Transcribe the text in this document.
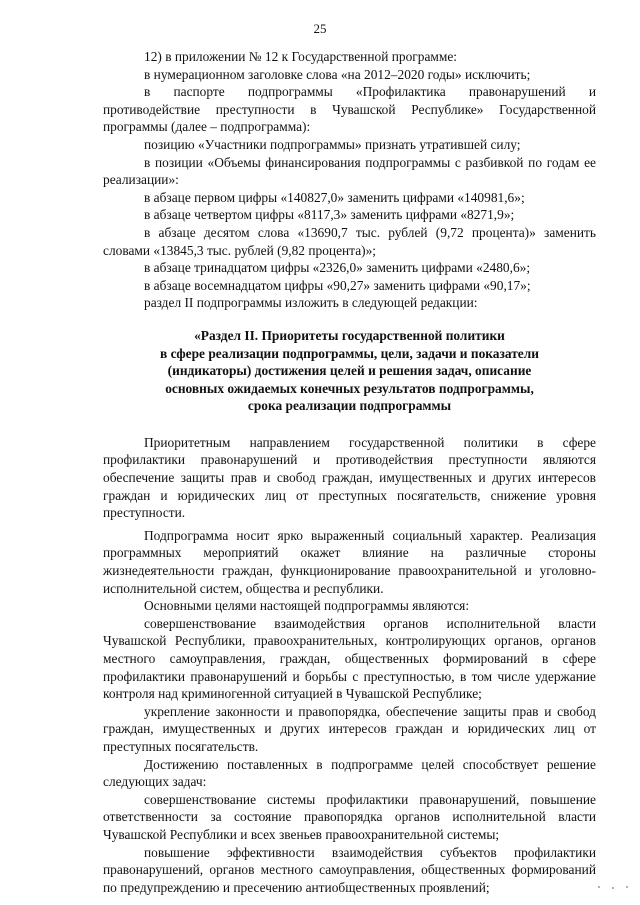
25

12) в приложении № 12 к Государственной программе:

в нумерационном заголовке слова «на 2012–2020 годы» исключить;

в паспорте подпрограммы «Профилактика правонарушений и противодействие преступности в Чувашской Республике» Государственной программы (далее – подпрограмма):

позицию «Участники подпрограммы» признать утратившей силу;

в позиции «Объемы финансирования подпрограммы с разбивкой по годам ее реализации»:

в абзаце первом цифры «140827,0» заменить цифрами «140981,6»;

в абзаце четвертом цифры «8117,3» заменить цифрами «8271,9»;

в абзаце десятом слова «13690,7 тыс. рублей (9,72 процента)» заменить словами «13845,3 тыс. рублей (9,82 процента)»;

в абзаце тринадцатом цифры «2326,0» заменить цифрами «2480,6»;

в абзаце восемнадцатом цифры «90,27» заменить цифрами «90,17»;

раздел II подпрограммы изложить в следующей редакции:

«Раздел II. Приоритеты государственной политики
в сфере реализации подпрограммы, цели, задачи и показатели
(индикаторы) достижения целей и решения задач, описание
основных ожидаемых конечных результатов подпрограммы,
срока реализации подпрограммы

Приоритетным направлением государственной политики в сфере профилактики правонарушений и противодействия преступности являются обеспечение защиты прав и свобод граждан, имущественных и других интересов граждан и юридических лиц от преступных посягательств, снижение уровня преступности.

Подпрограмма носит ярко выраженный социальный характер. Реализация программных мероприятий окажет влияние на различные стороны жизнедеятельности граждан, функционирование правоохранительной и уголовно-исполнительной систем, общества и республики.

Основными целями настоящей подпрограммы являются:

совершенствование взаимодействия органов исполнительной власти Чувашской Республики, правоохранительных, контролирующих органов, органов местного самоуправления, граждан, общественных формирований в сфере профилактики правонарушений и борьбы с преступностью, в том числе удержание контроля над криминогенной ситуацией в Чувашской Республике;

укрепление законности и правопорядка, обеспечение защиты прав и свобод граждан, имущественных и других интересов граждан и юридических лиц от преступных посягательств.

Достижению поставленных в подпрограмме целей способствует решение следующих задач:

совершенствование системы профилактики правонарушений, повышение ответственности за состояние правопорядка органов исполнительной власти Чувашской Республики и всех звеньев правоохранительной системы;

повышение эффективности взаимодействия субъектов профилактики правонарушений, органов местного самоуправления, общественных формирований по предупреждению и пресечению антиобщественных проявлений;
